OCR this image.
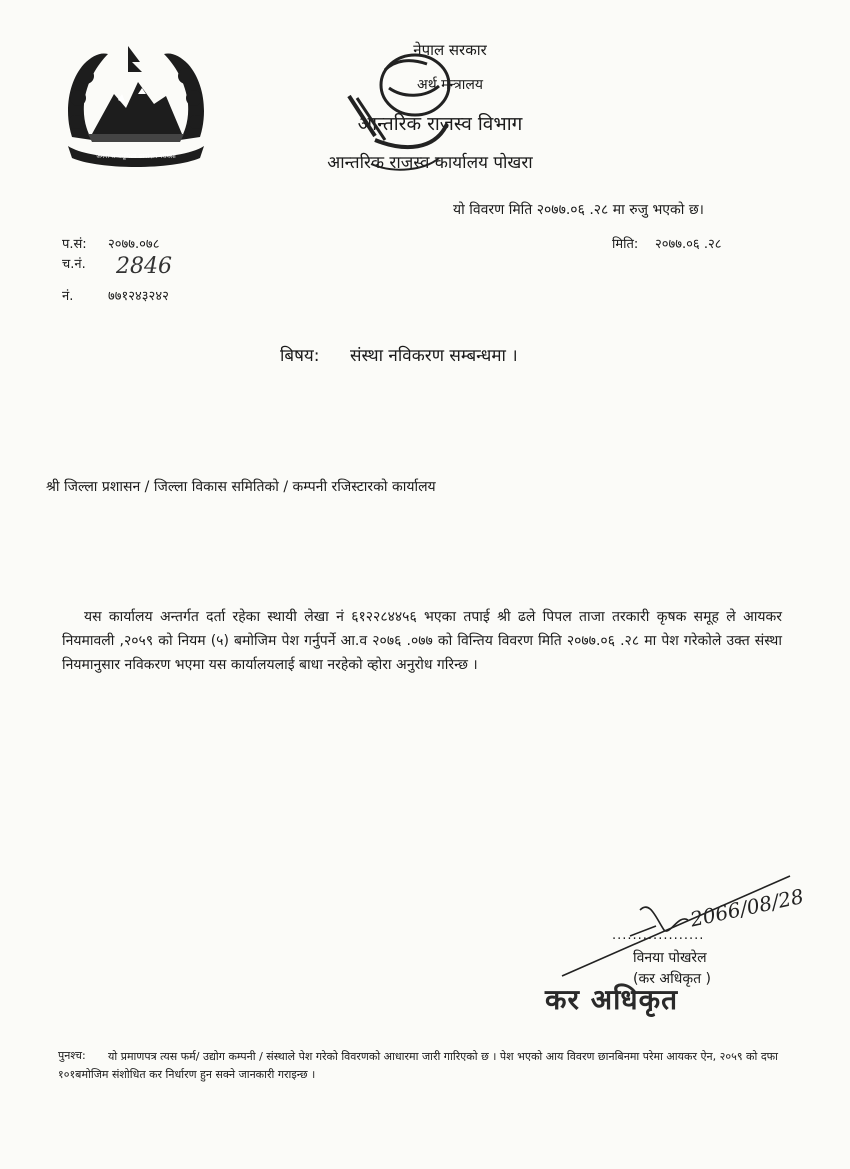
जननी जन्मभूमिश्च स्वर्गादपि गरीयसी
नेपाल सरकार
अर्थ मन्त्रालय
आन्तरिक राजस्व विभाग
आन्तरिक राजस्व कार्यालय पोखरा
यो विवरण मिति २०७७.०६ .२८ मा रुजु भएको छ।
प.सं: २०७७.०७८
च.नं. 2846
नं.	७७१२४३२४२
मिति: २०७७.०६ .२८
बिषय: संस्था नविकरण सम्बन्धमा ।
श्री जिल्ला प्रशासन / जिल्ला विकास समितिको / कम्पनी रजिस्टारको कार्यालय
यस कार्यालय अन्तर्गत दर्ता रहेका स्थायी लेखा नं ६१२२८४४५६ भएका तपाई श्री ढले पिपल ताजा तरकारी कृषक समूह ले आयकर नियमावली ,२०५९ को नियम (५) बमोजिम पेश गर्नुपर्ने आ.व २०७६ .०७७ को विन्तिय विवरण मिति २०७७.०६ .२८ मा पेश गरेकोले उक्त संस्था नियमानुसार नविकरण भएमा यस कार्यालयलाई बाधा नरहेको व्होरा अनुरोध गरिन्छ ।
..................
2066/08/28
विनया पोखरेल
(कर अधिकृत )
कर अधिकृत
पुनश्च:	यो प्रमाणपत्र त्यस फर्म/ उद्योग कम्पनी / संस्थाले पेश गरेको विवरणको आधारमा जारी गारिएको छ । पेश भएको आय विवरण छानबिनमा परेमा आयकर ऐन, २०५९ को दफा १०१बमोजिम संशोधित कर निर्धारण हुन सक्ने जानकारी गराइन्छ ।
